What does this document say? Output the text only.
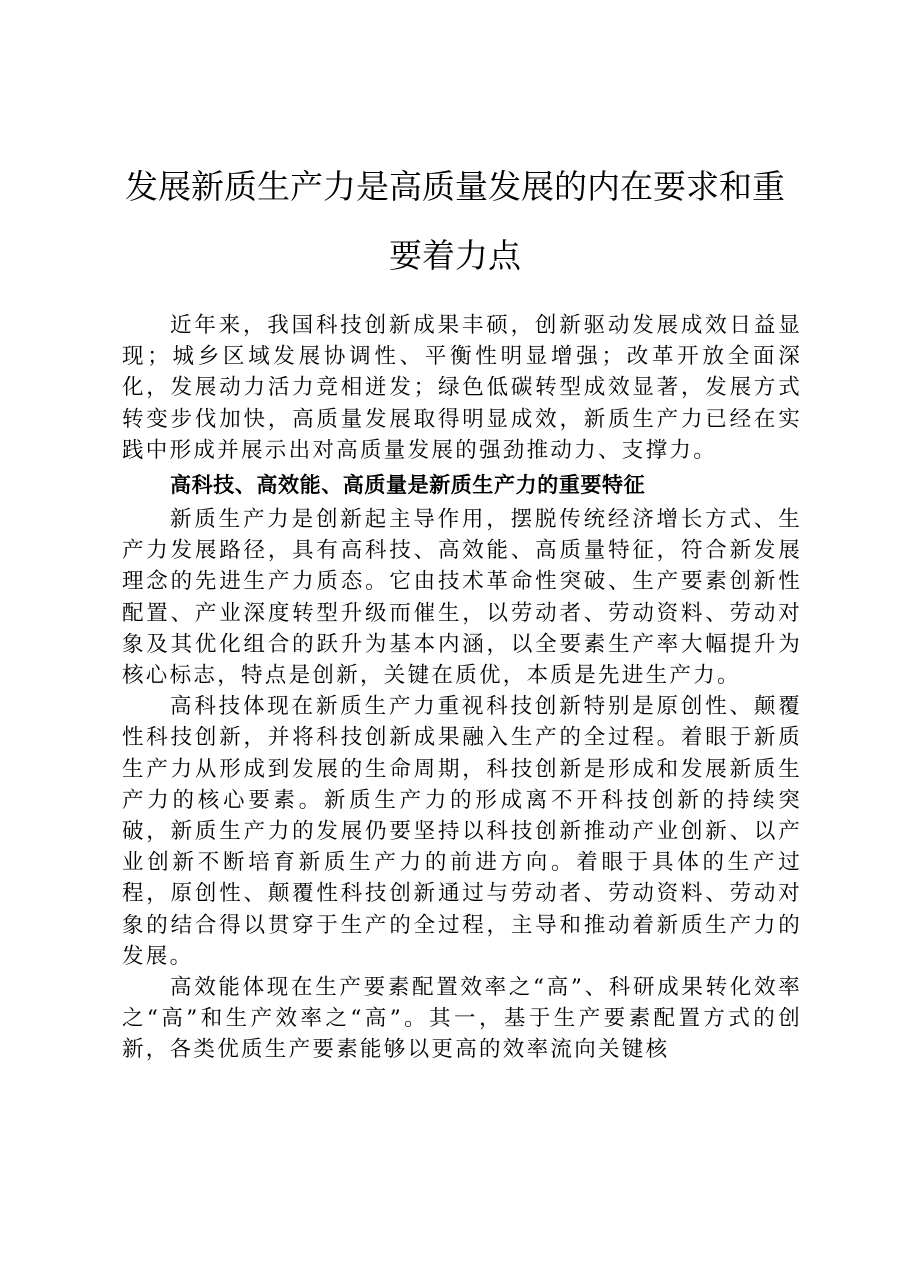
发展新质生产力是高质量发展的内在要求和重要着力点

近年来，我国科技创新成果丰硕，创新驱动发展成效日益显现；城乡区域发展协调性、平衡性明显增强；改革开放全面深化，发展动力活力竞相迸发；绿色低碳转型成效显著，发展方式转变步伐加快，高质量发展取得明显成效，新质生产力已经在实践中形成并展示出对高质量发展的强劲推动力、支撑力。

高科技、高效能、高质量是新质生产力的重要特征

新质生产力是创新起主导作用，摆脱传统经济增长方式、生产力发展路径，具有高科技、高效能、高质量特征，符合新发展理念的先进生产力质态。它由技术革命性突破、生产要素创新性配置、产业深度转型升级而催生，以劳动者、劳动资料、劳动对象及其优化组合的跃升为基本内涵，以全要素生产率大幅提升为核心标志，特点是创新，关键在质优，本质是先进生产力。

高科技体现在新质生产力重视科技创新特别是原创性、颠覆性科技创新，并将科技创新成果融入生产的全过程。着眼于新质生产力从形成到发展的生命周期，科技创新是形成和发展新质生产力的核心要素。新质生产力的形成离不开科技创新的持续突破，新质生产力的发展仍要坚持以科技创新推动产业创新、以产业创新不断培育新质生产力的前进方向。着眼于具体的生产过程，原创性、颠覆性科技创新通过与劳动者、劳动资料、劳动对象的结合得以贯穿于生产的全过程，主导和推动着新质生产力的发展。

高效能体现在生产要素配置效率之“高”、科研成果转化效率之“高”和生产效率之“高”。其一，基于生产要素配置方式的创新，各类优质生产要素能够以更高的效率流向关键核
